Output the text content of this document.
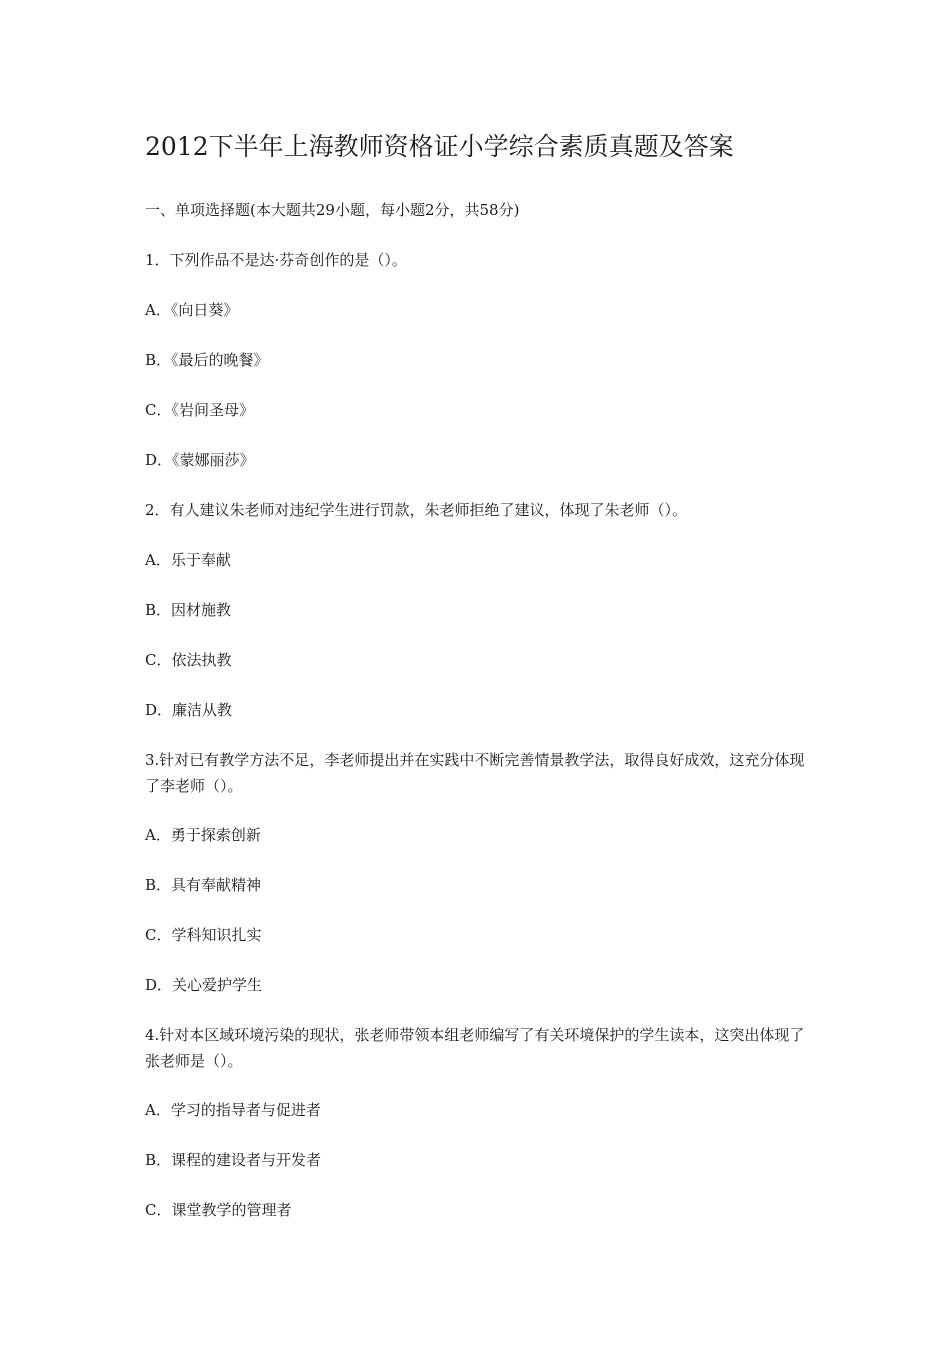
2012下半年上海教师资格证小学综合素质真题及答案
一、单项选择题(本大题共29小题，每小题2分，共58分)
1．下列作品不是达·芬奇创作的是（）。
A．《向日葵》
B．《最后的晚餐》
C．《岩间圣母》
D．《蒙娜丽莎》
2．有人建议朱老师对违纪学生进行罚款，朱老师拒绝了建议，体现了朱老师（）。
A．乐于奉献
B．因材施教
C．依法执教
D．廉洁从教
3.针对已有教学方法不足，李老师提出并在实践中不断完善情景教学法，取得良好成效，这充分体现了李老师（）。
A．勇于探索创新
B．具有奉献精神
C．学科知识扎实
D．关心爱护学生
4.针对本区域环境污染的现状，张老师带领本组老师编写了有关环境保护的学生读本，这突出体现了张老师是（）。
A．学习的指导者与促进者
B．课程的建设者与开发者
C．课堂教学的管理者
